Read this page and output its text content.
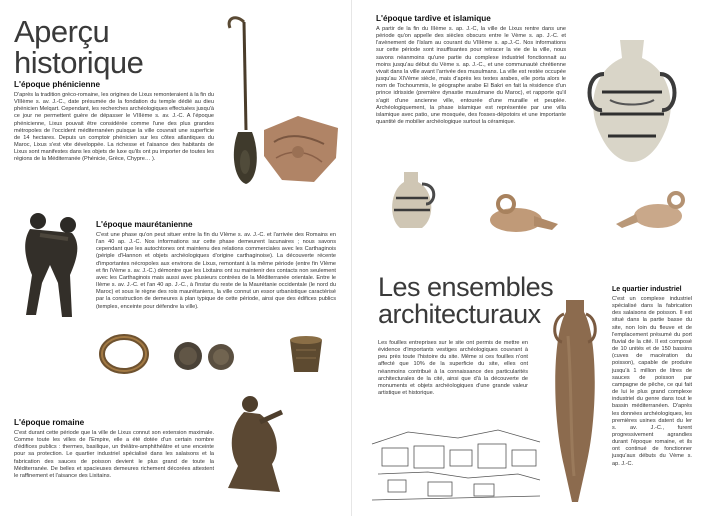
Aperçu
historique

L'époque phénicienne

D'après la tradition gréco-romaine, les origines de Lixus remonteraient à la fin du VIIIème s. av. J.-C., date présumée de la fondation du temple dédié au dieu phénicien Melqart. Cependant, les recherches archéologiques effectuées jusqu'à ce jour ne permettent guère de dépasser le VIIIème s. av. J.-C. A l'époque phénicienne, Lixus pouvait être considérée comme l'une des plus grandes métropoles de l'occident méditerranéen puisque la ville couvrait une superficie de 14 hectares. Depuis un comptoir phénicien sur les côtes atlantiques du Maroc, Lixus s'est vite développée. La richesse et l'aisance des habitants de Lixus sont manifestes dans les objets de luxe qu'ils ont pu importer de toutes les régions de la Méditerranée (Phénicie, Grèce, Chypre… ).

L'époque maurétanienne

C'est une phase qu'on peut situer entre la fin du VIème s. av. J.-C. et l'arrivée des Romains en l'an 40 ap. J.-C. Nos informations sur cette phase demeurent lacunaires ; nous savons cependant que les autochtones ont maintenu des relations commerciales avec les Carthaginois (périple d'Hannon et objets archéologiques d'origine carthaginoise). La découverte récente d'importantes nécropoles aux environs de Lixus, remontant à la même période (entre fin VIème et fin IVème s. av. J.-C.) démontre que les Lixitains ont su maintenir des contacts non seulement avec les Carthaginois mais aussi avec plusieurs contrées de la Méditerranée orientale. Entre le IIème s. av. J.-C. et l'an 40 ap. J.-C., à l'instar du reste de la Maurétanie occidentale (le nord du Maroc) et sous le règne des rois maurétaniens, la ville connut un essor urbanistique caractérisé par la construction de demeures à plan typique de cette période, ainsi que des édifices publics (temples, enceinte pour défendre la ville).

L'époque romaine

C'est durant cette période que la ville de Lixus connut son extension maximale. Comme toute les villes de l'Empire, elle a été dotée d'un certain nombre d'édifices publics : thermes, basilique, un théâtre-amphithéâtre et une enceinte pour sa protection. Le quartier industriel spécialisé dans les salaisons et la fabrication des sauces de poisson devient le plus grand de toute la Méditerranée. De belles et spacieuses demeures richement décorées attestent le raffinement et l'aisance des Lixitains.

L'époque tardive et islamique

A partir de la fin du IIIème s. ap. J.-C, la ville de Lixus rentre dans une période qu'on appelle des siècles obscurs entre le Vème s. ap. J.-C. et l'avènement de l'Islam au courant du VIIIème s. ap.J.-C. Nos informations sur cette période sont insuffisantes pour retracer la vie de la ville, nous savons néanmoins qu'une partie du complexe industriel fonctionnait au moins jusqu'au début du Vème s. ap. J.-C., et une communauté chrétienne vivait dans la ville avant l'arrivée des musulmans. La ville est restée occupée jusqu'au XIVème siècle, mais d'après les textes arabes, elle porta alors le nom de Tochoummis, le géographe arabe El Bakri en fait la résidence d'un prince idrisside (première dynastie musulmane du Maroc), et rapporte qu'il s'agit d'une ancienne ville, entourée d'une muraille et peuplée. Archéologiquement, la phase islamique est représentée par une villa islamique avec patio, une mosquée, des fosses-dépotoirs et une importante quantité de mobilier archéologique surtout la céramique.

Les ensembles
architecturaux

Les fouilles entreprises sur le site ont permis de mettre en évidence d'importants vestiges archéologiques couvrant à peu près toute l'histoire du site. Même si ces fouilles n'ont affecté que 10% de la superficie du site, elles ont néanmoins contribué à la connaissance des particularités architecturales de la cité, ainsi que d'à la découverte de monuments et objets archéologiques d'une grande valeur artistique et historique.

Le quartier industriel

C'est un complexe industriel spécialisé dans la fabrication des salaisons de poisson. Il est situé dans la partie basse du site, non loin du fleuve et de l'emplacement présumé du port fluvial de la cité. Il est composé de 10 unités et de 150 bassins (cuves de macération du poisson), capable de produire jusqu'à 1 million de litres de sauces de poisson par campagne de pêche, ce qui fait de lui le plus grand complexe industriel du genre dans tout le bassin méditerranéen. D'après les données archéologiques, les premières usines datent du Ier s. av. J.-C., furent progressivement agrandies durant l'époque romaine, et ils ont continué de fonctionner jusqu'aux débuts du Vème s. ap. J.-C.
